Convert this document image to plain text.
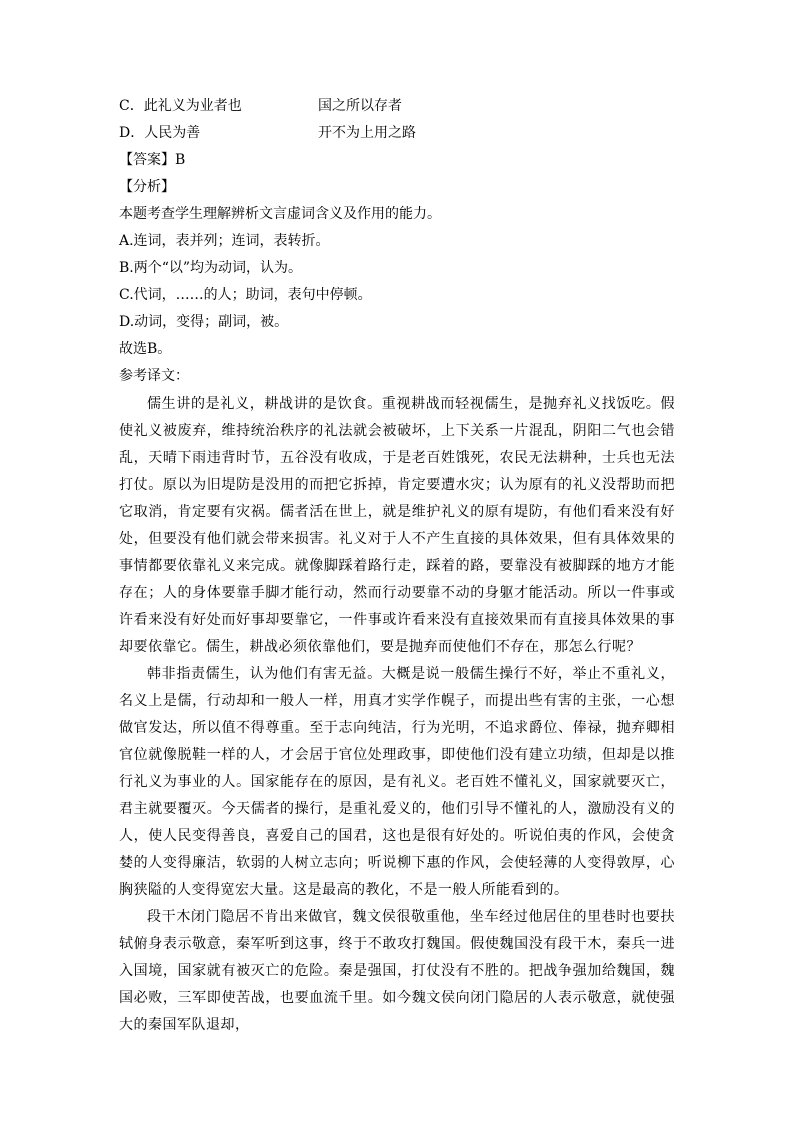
C．此礼义为业者也	国之所以存者
D．人民为善	开不为上用之路
【答案】B
【分析】
本题考查学生理解辨析文言虚词含义及作用的能力。
A.连词，表并列；连词，表转折。
B.两个“以”均为动词，认为。
C.代词，……的人；助词，表句中停顿。
D.动词，变得；副词，被。
故选B。
参考译文：

儒生讲的是礼义，耕战讲的是饮食。重视耕战而轻视儒生，是抛弃礼义找饭吃。假使礼义被废弃，维持统治秩序的礼法就会被破坏，上下关系一片混乱，阴阳二气也会错乱，天晴下雨违背时节，五谷没有收成，于是老百姓饿死，农民无法耕种，士兵也无法打仗。原以为旧堤防是没用的而把它拆掉，肯定要遭水灾；认为原有的礼义没帮助而把它取消，肯定要有灾祸。儒者活在世上，就是维护礼义的原有堤防，有他们看来没有好处，但要没有他们就会带来损害。礼义对于人不产生直接的具体效果，但有具体效果的事情都要依靠礼义来完成。就像脚踩着路行走，踩着的路，要靠没有被脚踩的地方才能存在；人的身体要靠手脚才能行动，然而行动要靠不动的身躯才能活动。所以一件事或许看来没有好处而好事却要靠它，一件事或许看来没有直接效果而有直接具体效果的事却要依靠它。儒生，耕战必须依靠他们，要是抛弃而使他们不存在，那怎么行呢？

韩非指责儒生，认为他们有害无益。大概是说一般儒生操行不好，举止不重礼义，名义上是儒，行动却和一般人一样，用真才实学作幌子，而提出些有害的主张，一心想做官发达，所以值不得尊重。至于志向纯洁，行为光明，不追求爵位、俸禄，抛弃卿相官位就像脱鞋一样的人，才会居于官位处理政事，即使他们没有建立功绩，但却是以推行礼义为事业的人。国家能存在的原因，是有礼义。老百姓不懂礼义，国家就要灭亡，君主就要覆灭。今天儒者的操行，是重礼爱义的，他们引导不懂礼的人，激励没有义的人，使人民变得善良，喜爱自己的国君，这也是很有好处的。听说伯夷的作风，会使贪婪的人变得廉洁，软弱的人树立志向；听说柳下惠的作风，会使轻薄的人变得敦厚，心胸狭隘的人变得宽宏大量。这是最高的教化，不是一般人所能看到的。

段干木闭门隐居不肯出来做官，魏文侯很敬重他，坐车经过他居住的里巷时也要扶轼俯身表示敬意，秦军听到这事，终于不敢攻打魏国。假使魏国没有段干木，秦兵一进入国境，国家就有被灭亡的危险。秦是强国，打仗没有不胜的。把战争强加给魏国，魏国必败，三军即使苦战，也要血流千里。如今魏文侯向闭门隐居的人表示敬意，就使强大的秦国军队退却，
